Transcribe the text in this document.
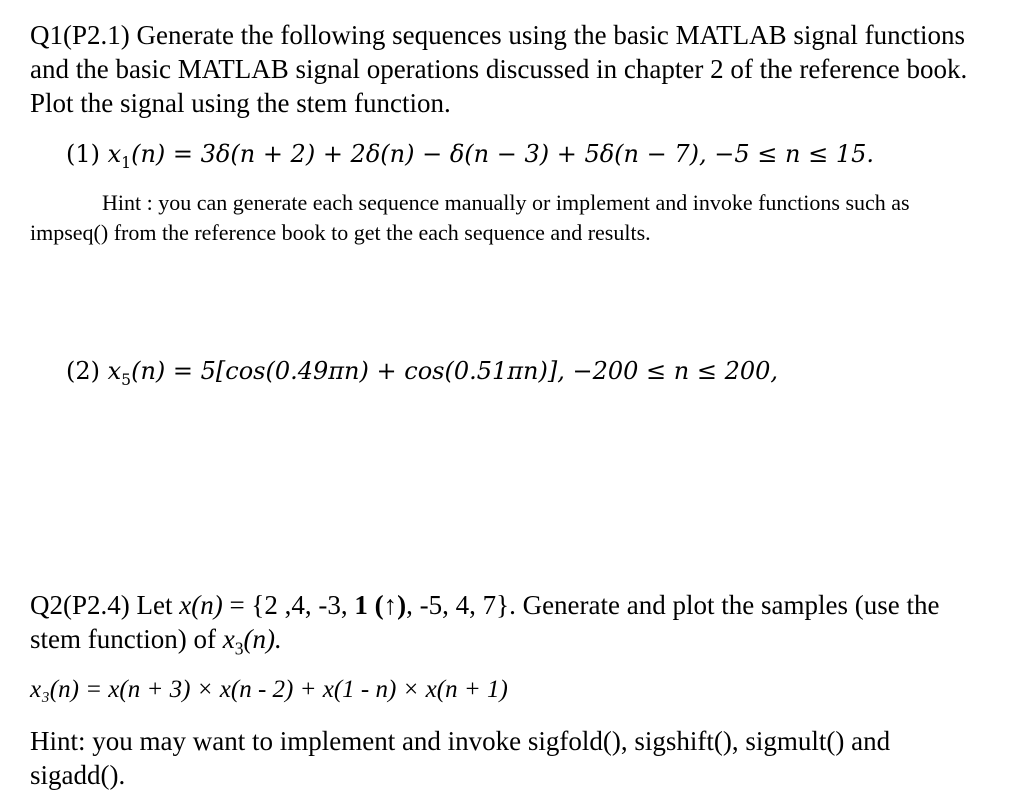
Q1(P2.1) Generate the following sequences using the basic MATLAB signal functions and the basic MATLAB signal operations discussed in chapter 2 of the reference book. Plot the signal using the stem function.
(1) $x_1(n) = 3\delta(n + 2) + 2\delta(n) - \delta(n - 3) + 5\delta(n - 7)$, −5 ≤ n ≤ 15.
Hint : you can generate each sequence manually or implement and invoke functions such as impseq() from the reference book to get the each sequence and results.
(2) $x_5(n) = 5[\cos(0.49\pi n) + \cos(0.51\pi n)]$, −200 ≤ n ≤ 200,
Q2(P2.4) Let x(n) = {2 ,4, -3, 1 (↑), -5, 4, 7}. Generate and plot the samples (use the stem function) of $x_3(n)$.
x₃(n) = x(n + 3) × x(n - 2) + x(1 - n) × x(n + 1)
Hint: you may want to implement and invoke sigfold(), sigshift(), sigmult() and sigadd().
